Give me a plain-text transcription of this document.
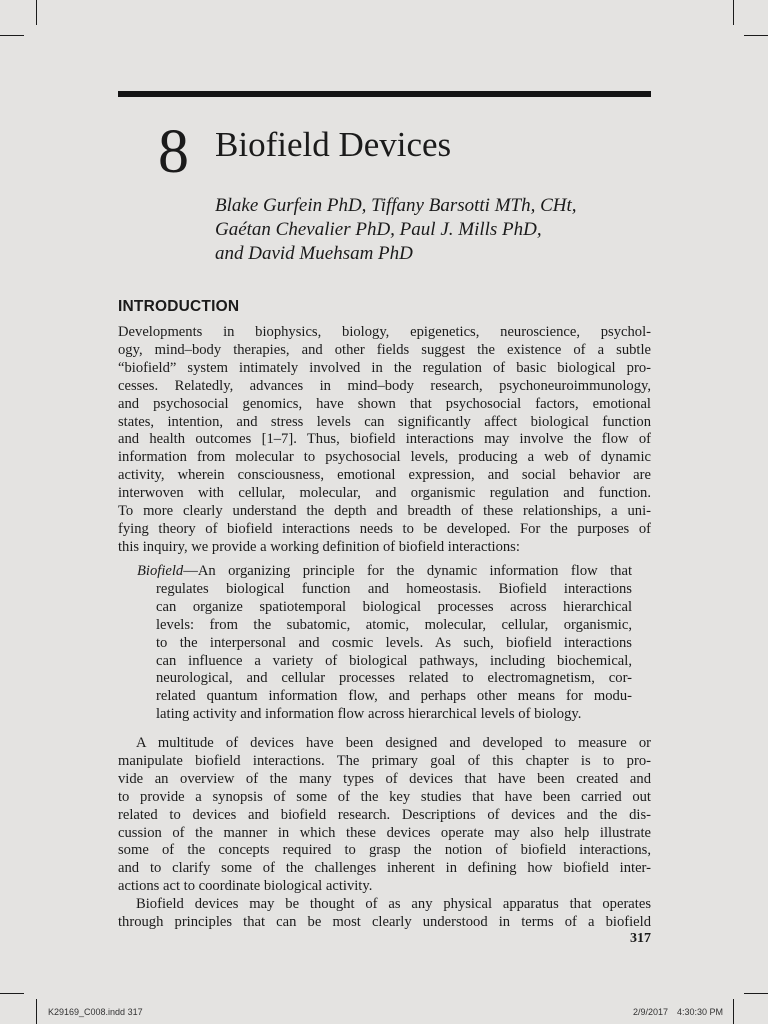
8 Biofield Devices
Blake Gurfein PhD, Tiffany Barsotti MTh, CHt,
Gaétan Chevalier PhD, Paul J. Mills PhD,
and David Muehsam PhD
INTRODUCTION

Developments in biophysics, biology, epigenetics, neuroscience, psychol-
ogy, mind–body therapies, and other fields suggest the existence of a subtle
“biofield” system intimately involved in the regulation of basic biological pro-
cesses. Relatedly, advances in mind–body research, psychoneuroimmunology,
and psychosocial genomics, have shown that psychosocial factors, emotional
states, intention, and stress levels can significantly affect biological function
and health outcomes [1–7]. Thus, biofield interactions may involve the flow of
information from molecular to psychosocial levels, producing a web of dynamic
activity, wherein consciousness, emotional expression, and social behavior are
interwoven with cellular, molecular, and organismic regulation and function.
To more clearly understand the depth and breadth of these relationships, a uni-
fying theory of biofield interactions needs to be developed. For the purposes of
this inquiry, we provide a working definition of biofield interactions:

Biofield—An organizing principle for the dynamic information flow that
regulates biological function and homeostasis. Biofield interactions
can organize spatiotemporal biological processes across hierarchical
levels: from the subatomic, atomic, molecular, cellular, organismic,
to the interpersonal and cosmic levels. As such, biofield interactions
can influence a variety of biological pathways, including biochemical,
neurological, and cellular processes related to electromagnetism, cor-
related quantum information flow, and perhaps other means for modu-
lating activity and information flow across hierarchical levels of biology.

A multitude of devices have been designed and developed to measure or
manipulate biofield interactions. The primary goal of this chapter is to pro-
vide an overview of the many types of devices that have been created and
to provide a synopsis of some of the key studies that have been carried out
related to devices and biofield research. Descriptions of devices and the dis-
cussion of the manner in which these devices operate may also help illustrate
some of the concepts required to grasp the notion of biofield interactions,
and to clarify some of the challenges inherent in defining how biofield inter-
actions act to coordinate biological activity.
Biofield devices may be thought of as any physical apparatus that operates
through principles that can be most clearly understood in terms of a biofield

317
K29169_C008.indd 317	2/9/2017 4:30:30 PM
